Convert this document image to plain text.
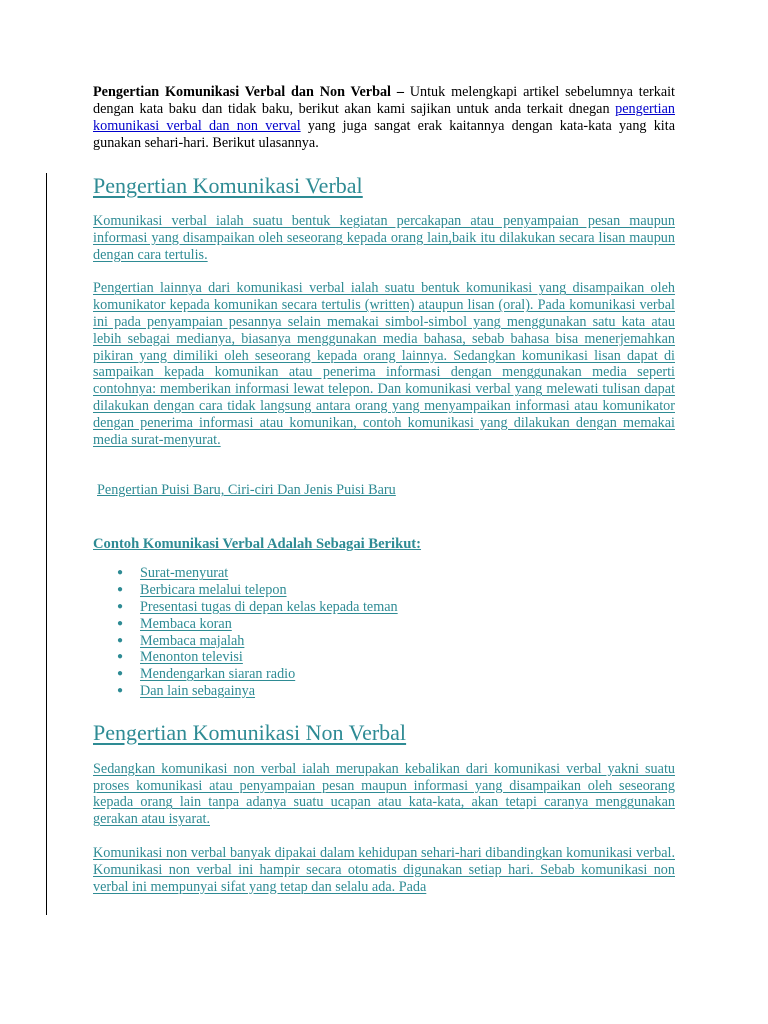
Pengertian Komunikasi Verbal dan Non Verbal – Untuk melengkapi artikel sebelumnya terkait dengan kata baku dan tidak baku, berikut akan kami sajikan untuk anda terkait dnegan pengertian komunikasi verbal dan non verval yang juga sangat erak kaitannya dengan kata-kata yang kita gunakan sehari-hari. Berikut ulasannya.

Pengertian Komunikasi Verbal

Komunikasi verbal ialah suatu bentuk kegiatan percakapan atau penyampaian pesan maupun informasi yang disampaikan oleh seseorang kepada orang lain,baik itu dilakukan secara lisan maupun dengan cara tertulis.

Pengertian lainnya dari komunikasi verbal ialah suatu bentuk komunikasi yang disampaikan oleh komunikator kepada komunikan secara tertulis (written) ataupun lisan (oral). Pada komunikasi verbal ini pada penyampaian pesannya selain memakai simbol-simbol yang menggunakan satu kata atau lebih sebagai medianya, biasanya menggunakan media bahasa, sebab bahasa bisa menerjemahkan pikiran yang dimiliki oleh seseorang kepada orang lainnya. Sedangkan komunikasi lisan dapat di sampaikan kepada komunikan atau penerima informasi dengan menggunakan media seperti contohnya: memberikan informasi lewat telepon. Dan komunikasi verbal yang melewati tulisan dapat dilakukan dengan cara tidak langsung antara orang yang menyampaikan informasi atau komunikator dengan penerima informasi atau komunikan, contoh komunikasi yang dilakukan dengan memakai media surat-menyurat.

Pengertian Puisi Baru, Ciri-ciri Dan Jenis Puisi Baru

Contoh Komunikasi Verbal Adalah Sebagai Berikut:
● Surat-menyurat
● Berbicara melalui telepon
● Presentasi tugas di depan kelas kepada teman
● Membaca koran
● Membaca majalah
● Menonton televisi
● Mendengarkan siaran radio
● Dan lain sebagainya
Pengertian Komunikasi Non Verbal

Sedangkan komunikasi non verbal ialah merupakan kebalikan dari komunikasi verbal yakni suatu proses komunikasi atau penyampaian pesan maupun informasi yang disampaikan oleh seseorang kepada orang lain tanpa adanya suatu ucapan atau kata-kata, akan tetapi caranya menggunakan gerakan atau isyarat.

Komunikasi non verbal banyak dipakai dalam kehidupan sehari-hari dibandingkan komunikasi verbal. Komunikasi non verbal ini hampir secara otomatis digunakan setiap hari. Sebab komunikasi non verbal ini mempunyai sifat yang tetap dan selalu ada. Pada
